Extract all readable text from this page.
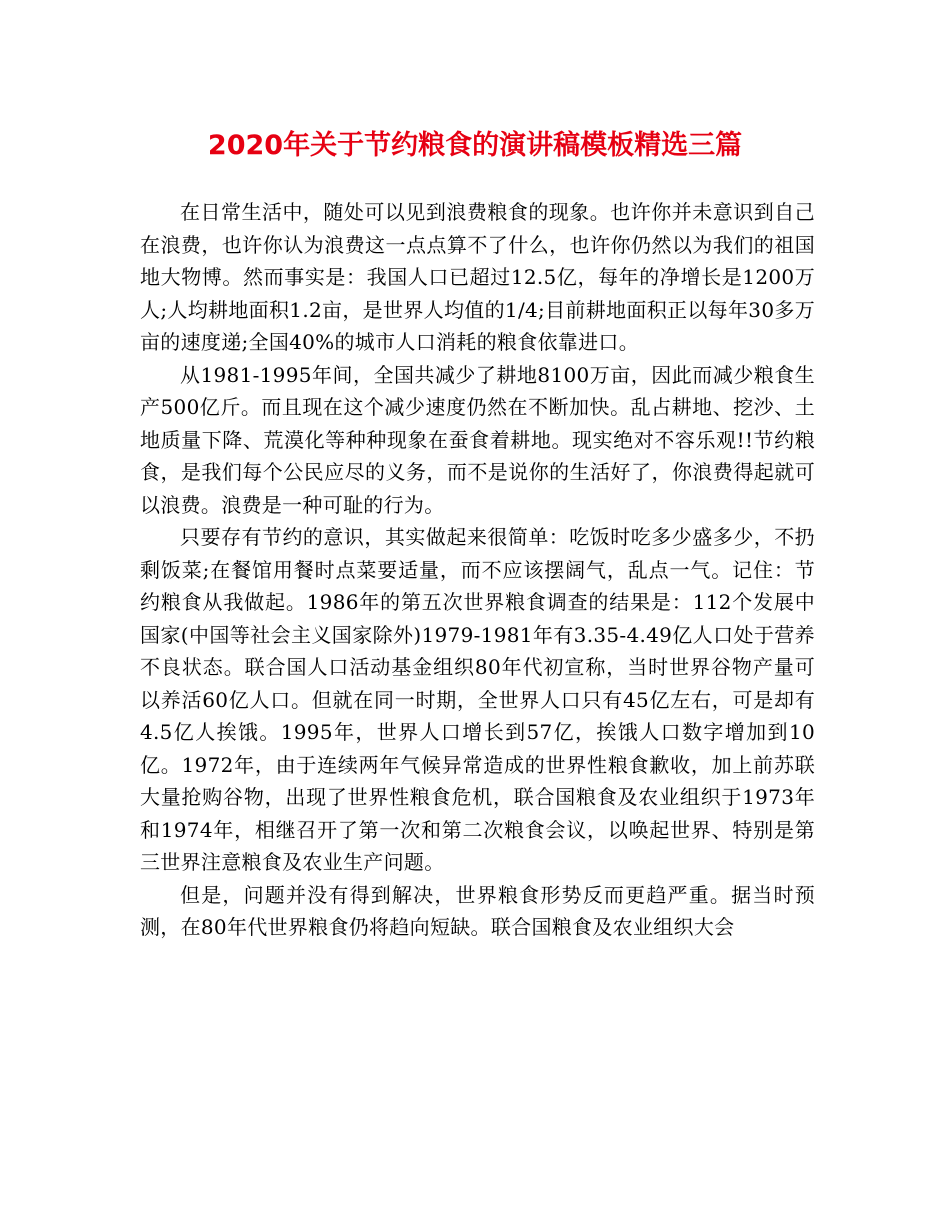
2020年关于节约粮食的演讲稿模板精选三篇

在日常生活中，随处可以见到浪费粮食的现象。也许你并未意识到自己在浪费，也许你认为浪费这一点点算不了什么，也许你仍然以为我们的祖国地大物博。然而事实是：我国人口已超过12.5亿，每年的净增长是1200万人;人均耕地面积1.2亩，是世界人均值的1/4;目前耕地面积正以每年30多万亩的速度递;全国40%的城市人口消耗的粮食依靠进口。

从1981-1995年间，全国共减少了耕地8100万亩，因此而减少粮食生产500亿斤。而且现在这个减少速度仍然在不断加快。乱占耕地、挖沙、土地质量下降、荒漠化等种种现象在蚕食着耕地。现实绝对不容乐观!!节约粮食，是我们每个公民应尽的义务，而不是说你的生活好了，你浪费得起就可以浪费。浪费是一种可耻的行为。

只要存有节约的意识，其实做起来很简单：吃饭时吃多少盛多少，不扔剩饭菜;在餐馆用餐时点菜要适量，而不应该摆阔气，乱点一气。记住：节约粮食从我做起。1986年的第五次世界粮食调查的结果是：112个发展中国家(中国等社会主义国家除外)1979-1981年有3.35-4.49亿人口处于营养不良状态。联合国人口活动基金组织80年代初宣称，当时世界谷物产量可以养活60亿人口。但就在同一时期，全世界人口只有45亿左右，可是却有4.5亿人挨饿。1995年，世界人口增长到57亿，挨饿人口数字增加到10亿。1972年，由于连续两年气候异常造成的世界性粮食歉收，加上前苏联大量抢购谷物，出现了世界性粮食危机，联合国粮食及农业组织于1973年和1974年，相继召开了第一次和第二次粮食会议，以唤起世界、特别是第三世界注意粮食及农业生产问题。

但是，问题并没有得到解决，世界粮食形势反而更趋严重。据当时预测，在80年代世界粮食仍将趋向短缺。联合国粮食及农业组织大会
